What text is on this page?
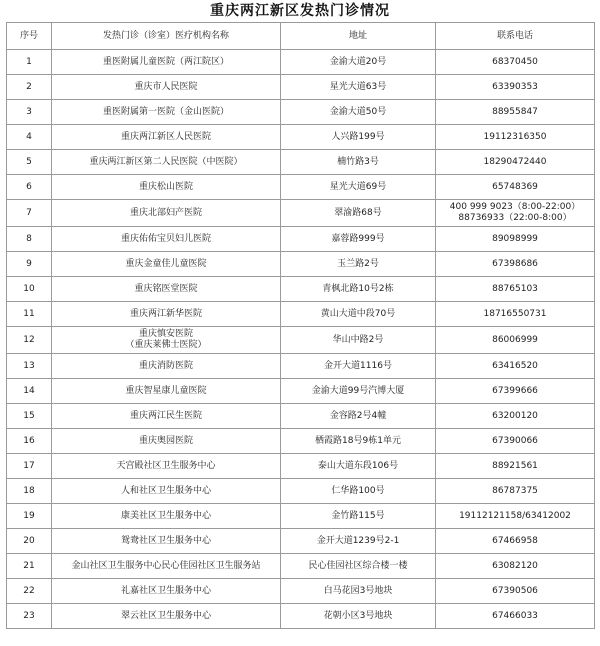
重庆两江新区发热门诊情况
序号	发热门诊（诊室）医疗机构名称	地址	联系电话
1	重医附属儿童医院（两江院区）	金渝大道20号	68370450

2	重庆市人民医院	星光大道63号	63390353

3	重医附属第一医院（金山医院）	金渝大道50号	88955847

4	重庆两江新区人民医院	人兴路199号	19112316350

5	重庆两江新区第二人民医院（中医院）	楠竹路3号	18290472440

6	重庆松山医院	星光大道69号	65748369

7	重庆北部妇产医院	翠渝路68号	400 999 9023（8:00-22:00）
88736933（22:00-8:00）

8	重庆佑佑宝贝妇儿医院	嘉蓉路999号	89098999

9	重庆金童佳儿童医院	玉兰路2号	67398686

10	重庆铭医堂医院	青枫北路10号2栋	88765103

11	重庆两江新华医院	黄山大道中段70号	18716550731

12	重庆慎安医院
（重庆莱佛士医院）	华山中路2号	86006999

13	重庆消防医院	金开大道1116号	63416520

14	重庆智星康儿童医院	金渝大道99号汽博大厦	67399666

15	重庆两江民生医院	金容路2号4幢	63200120

16	重庆奥园医院	栖霞路18号9栋1单元	67390066

17	天宫殿社区卫生服务中心	泰山大道东段106号	88921561

18	人和社区卫生服务中心	仁华路100号	86787375

19	康美社区卫生服务中心	金竹路115号	19112121158/63412002

20	鸳鸯社区卫生服务中心	金开大道1239号2-1	67466958

21	金山社区卫生服务中心民心佳园社区卫生服务站	民心佳园社区综合楼一楼	63082120

22	礼嘉社区卫生服务中心	白马花园3号地块	67390506

23	翠云社区卫生服务中心	花朝小区3号地块	67466033
